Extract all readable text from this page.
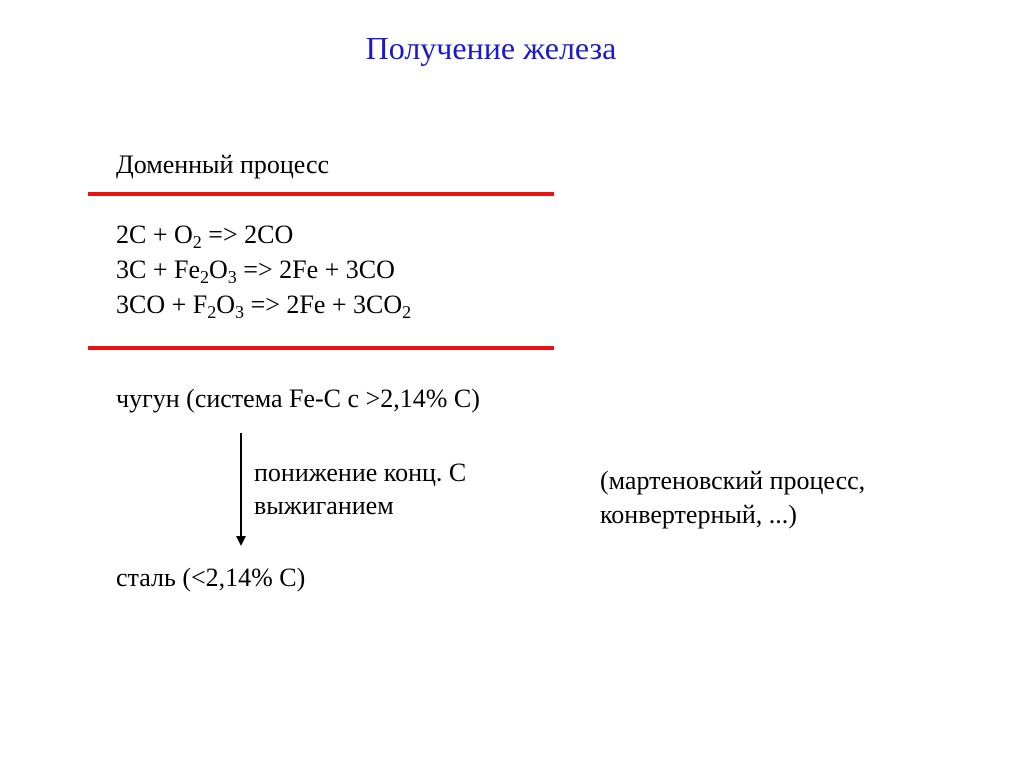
Получение железа
Доменный процесс
$2C + O_2 => 2CO$
$3C + Fe_2O_3 => 2Fe + 3CO$
$3CO + F_2O_3 => 2Fe + 3CO_2$
чугун (система Fe-C с >2,14% C)
понижение конц. С
выжиганием
(мартеновский процесс,
конвертерный, ...)
сталь (<2,14% C)
